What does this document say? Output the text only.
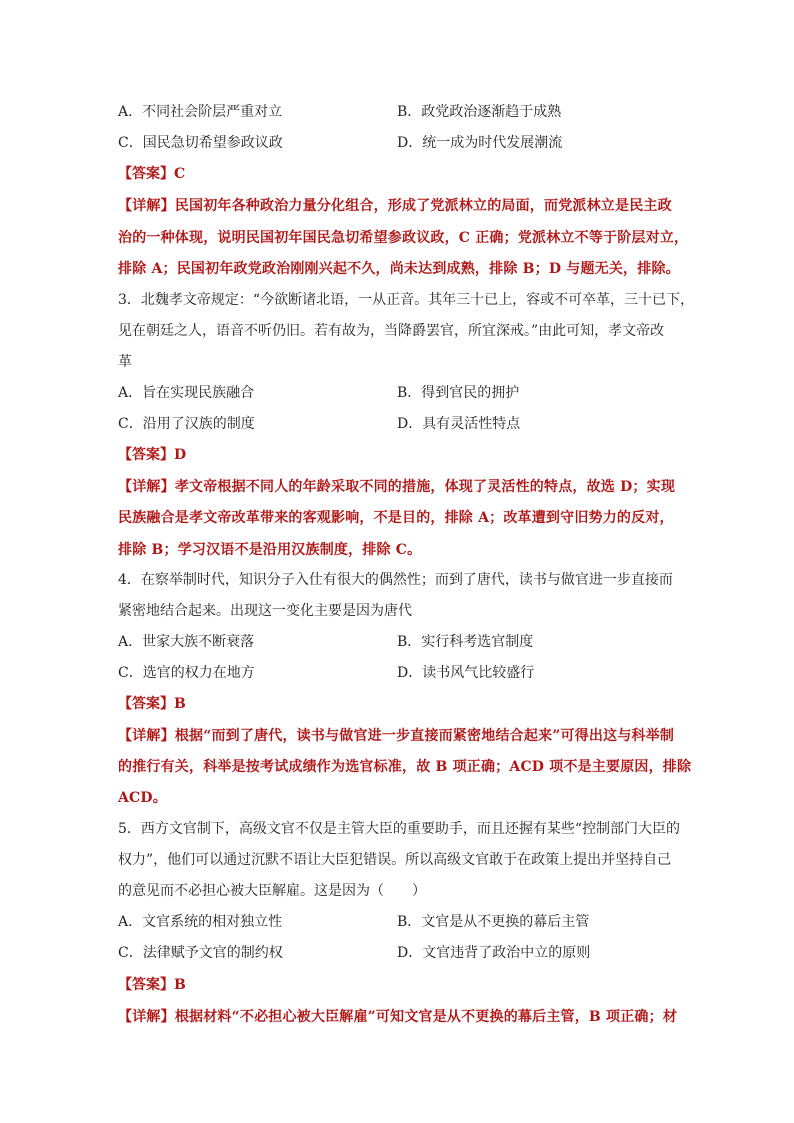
A．不同社会阶层严重对立	B．政党政治逐渐趋于成熟
C．国民急切希望参政议政	D．统一成为时代发展潮流
【答案】C
【详解】民国初年各种政治力量分化组合，形成了党派林立的局面，而党派林立是民主政
治的一种体现，说明民国初年国民急切希望参政议政，C 正确；党派林立不等于阶层对立，
排除 A；民国初年政党政治刚刚兴起不久，尚未达到成熟，排除 B；D 与题无关，排除。
3．北魏孝文帝规定：“今欲断诸北语，一从正音。其年三十已上，容或不可卒革，三十已下，
见在朝廷之人，语音不听仍旧。若有故为，当降爵罢官，所宜深戒。”由此可知，孝文帝改
革
A．旨在实现民族融合	B．得到官民的拥护
C．沿用了汉族的制度	D．具有灵活性特点
【答案】D
【详解】孝文帝根据不同人的年龄采取不同的措施，体现了灵活性的特点，故选 D；实现
民族融合是孝文帝改革带来的客观影响，不是目的，排除 A；改革遭到守旧势力的反对，
排除 B；学习汉语不是沿用汉族制度，排除 C。
4．在察举制时代，知识分子入仕有很大的偶然性；而到了唐代，读书与做官进一步直接而
紧密地结合起来。出现这一变化主要是因为唐代
A．世家大族不断衰落	B．实行科考选官制度
C．选官的权力在地方	D．读书风气比较盛行
【答案】B
【详解】根据“而到了唐代，读书与做官进一步直接而紧密地结合起来”可得出这与科举制
的推行有关，科举是按考试成绩作为选官标准，故 B 项正确；ACD 项不是主要原因，排除
ACD。
5．西方文官制下，高级文官不仅是主管大臣的重要助手，而且还握有某些“控制部门大臣的
权力”，他们可以通过沉默不语让大臣犯错误。所以高级文官敢于在政策上提出并坚持自己
的意见而不必担心被大臣解雇。这是因为（　　）
A．文官系统的相对独立性	B．文官是从不更换的幕后主管
C．法律赋予文官的制约权	D．文官违背了政治中立的原则
【答案】B
【详解】根据材料“不必担心被大臣解雇”可知文官是从不更换的幕后主管，B 项正确；材
